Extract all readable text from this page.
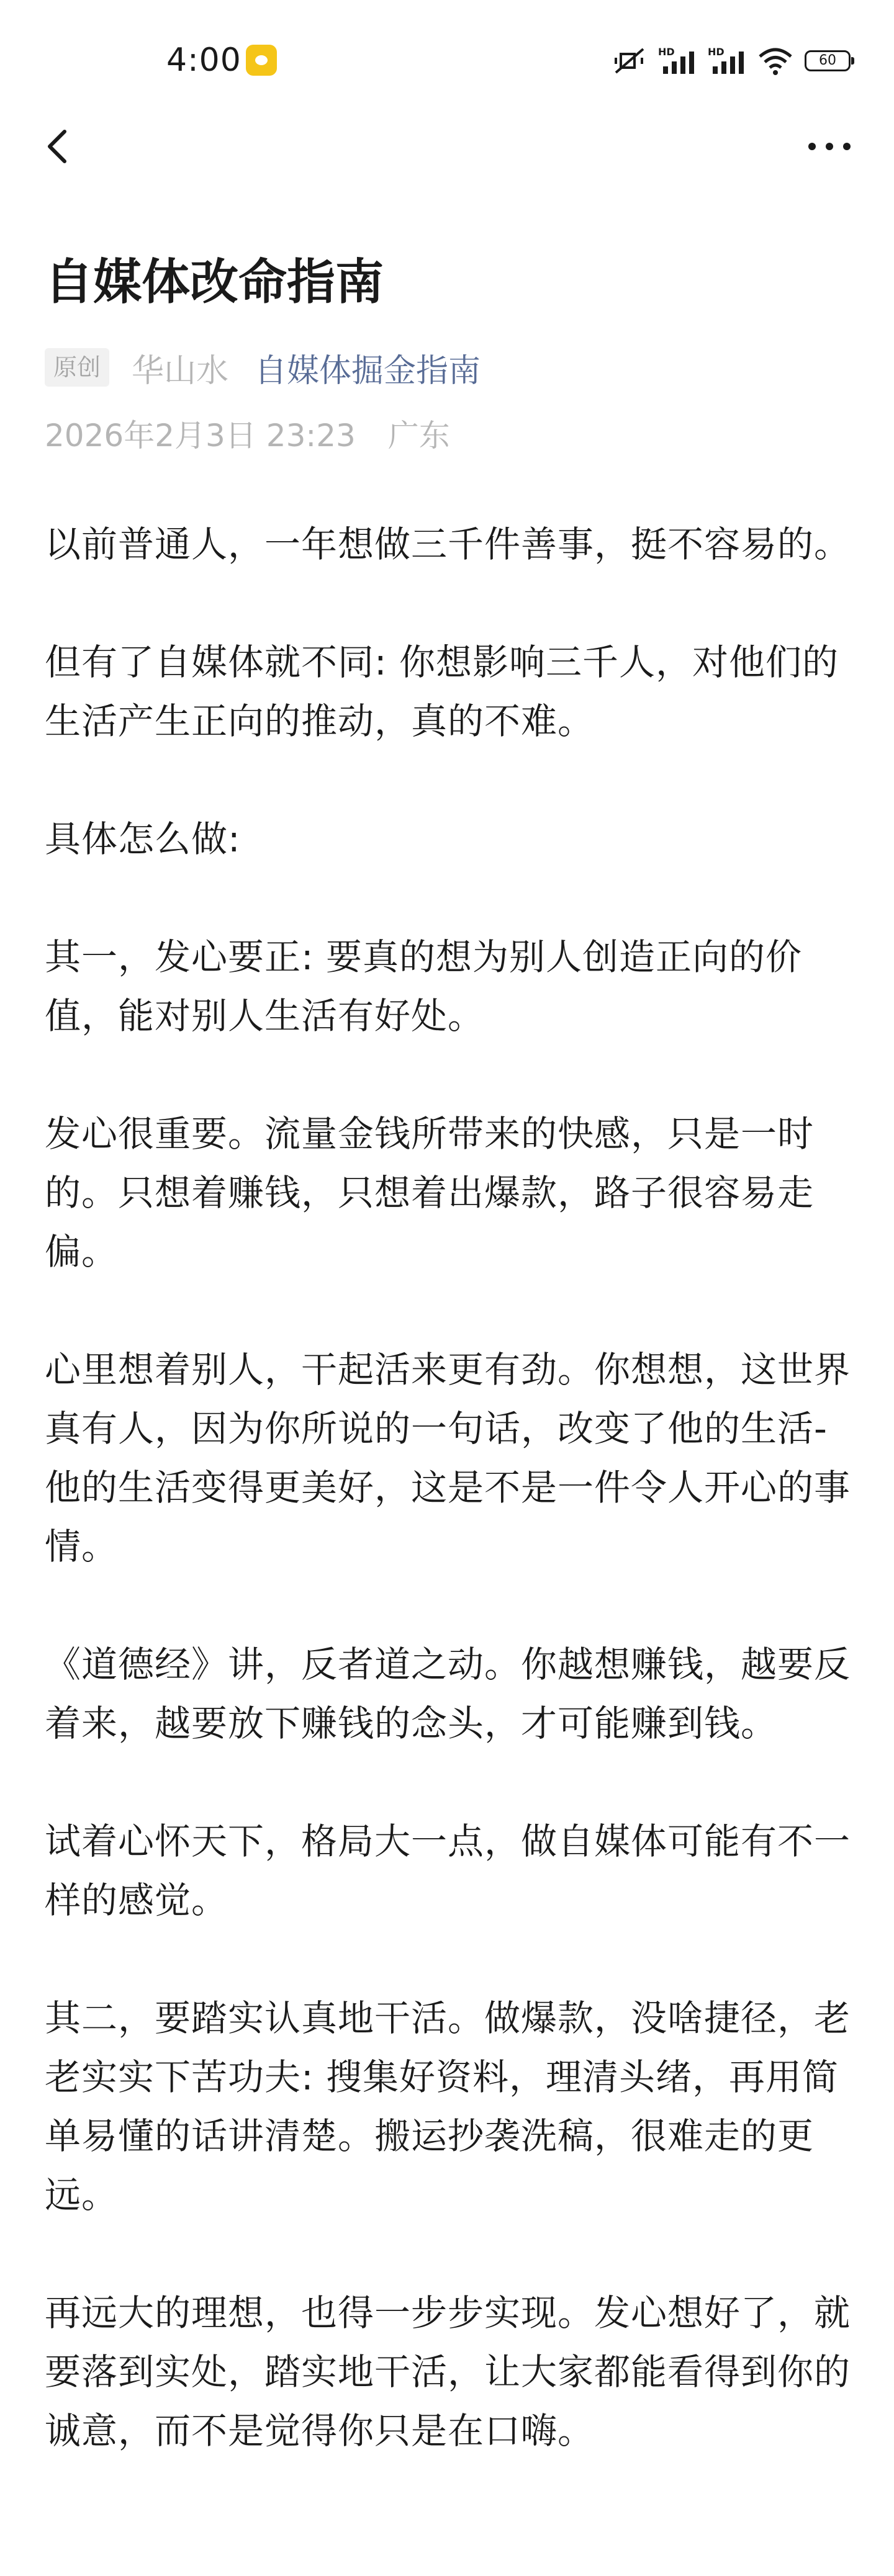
4:00	HD	HD
60
自媒体改命指南
原创 华山水 自媒体掘金指南
2026年2月3日 23:23 广东

以前普通人，一年想做三千件善事，挺不容易的。

但有了自媒体就不同: 你想影响三千人，对他们的生活产生正向的推动，真的不难。

具体怎么做:

其一，发心要正: 要真的想为别人创造正向的价值，能对别人生活有好处。

发心很重要。流量金钱所带来的快感，只是一时的。只想着赚钱，只想着出爆款，路子很容易走偏。

心里想着别人，干起活来更有劲。你想想，这世界真有人，因为你所说的一句话，改变了他的生活-他的生活变得更美好，这是不是一件令人开心的事情。

《道德经》讲，反者道之动。你越想赚钱，越要反着来，越要放下赚钱的念头，才可能赚到钱。

试着心怀天下，格局大一点，做自媒体可能有不一样的感觉。

其二，要踏实认真地干活。做爆款，没啥捷径，老老实实下苦功夫: 搜集好资料，理清头绪，再用简单易懂的话讲清楚。搬运抄袭洗稿，很难走的更远。

再远大的理想，也得一步步实现。发心想好了，就要落到实处，踏实地干活，让大家都能看得到你的诚意，而不是觉得你只是在口嗨。
